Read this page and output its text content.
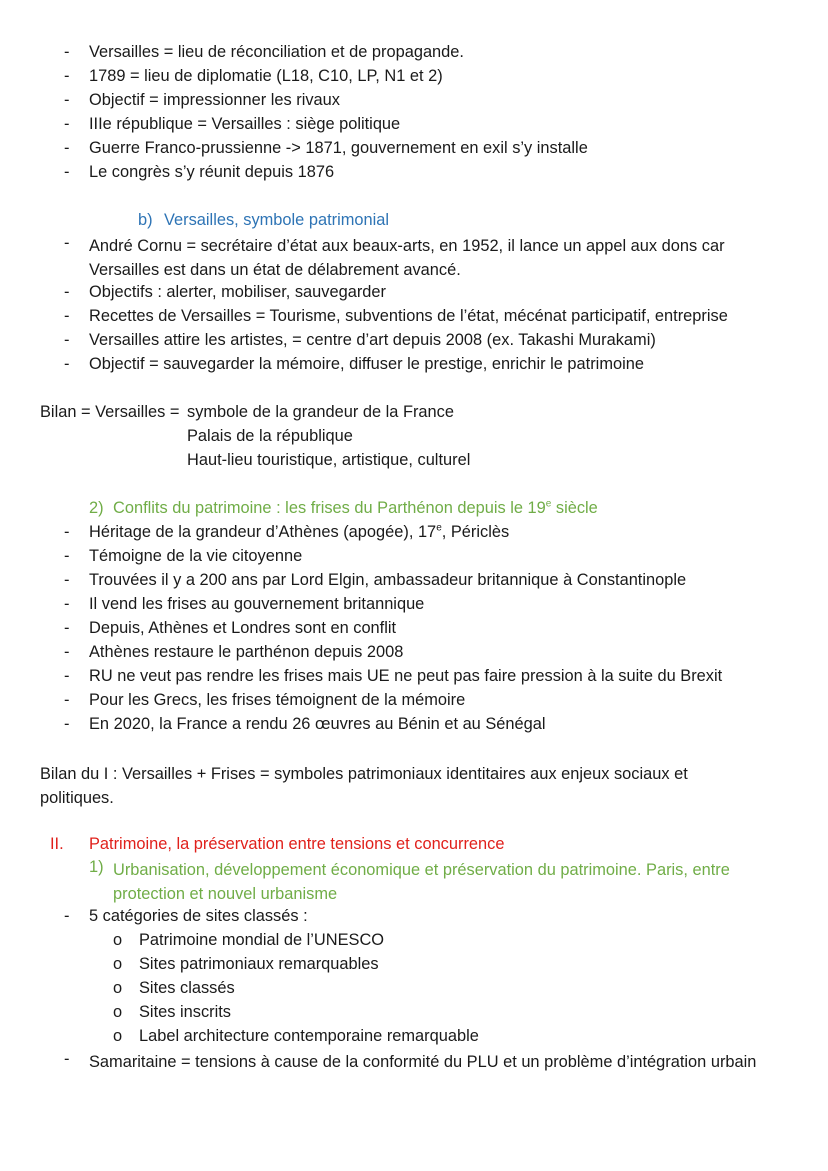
- Versailles = lieu de réconciliation et de propagande.
- 1789 = lieu de diplomatie (L18, C10, LP, N1 et 2)
- Objectif = impressionner les rivaux
- IIIe république = Versailles : siège politique
- Guerre Franco-prussienne -> 1871, gouvernement en exil s’y installe
- Le congrès s’y réunit depuis 1876
b) Versailles, symbole patrimonial
- André Cornu = secrétaire d’état aux beaux-arts, en 1952, il lance un appel aux dons car Versailles est dans un état de délabrement avancé.
- Objectifs : alerter, mobiliser, sauvegarder
- Recettes de Versailles = Tourisme, subventions de l’état, mécénat participatif, entreprise
- Versailles attire les artistes, = centre d’art depuis 2008 (ex. Takashi Murakami)
- Objectif = sauvegarder la mémoire, diffuser le prestige, enrichir le patrimoine
Bilan = Versailles = symbole de la grandeur de la France
Palais de la république
Haut-lieu touristique, artistique, culturel
2) Conflits du patrimoine : les frises du Parthénon depuis le 19e siècle
- Héritage de la grandeur d’Athènes (apogée), 17e, Périclès
- Témoigne de la vie citoyenne
- Trouvées il y a 200 ans par Lord Elgin, ambassadeur britannique à Constantinople
- Il vend les frises au gouvernement britannique
- Depuis, Athènes et Londres sont en conflit
- Athènes restaure le parthénon depuis 2008
- RU ne veut pas rendre les frises mais UE ne peut pas faire pression à la suite du Brexit
- Pour les Grecs, les frises témoignent de la mémoire
- En 2020, la France a rendu 26 œuvres au Bénin et au Sénégal
Bilan du I : Versailles + Frises = symboles patrimoniaux identitaires aux enjeux sociaux et politiques.
II. Patrimoine, la préservation entre tensions et concurrence
1) Urbanisation, développement économique et préservation du patrimoine. Paris, entre protection et nouvel urbanisme
- 5 catégories de sites classés :
o Patrimoine mondial de l’UNESCO
o Sites patrimoniaux remarquables
o Sites classés
o Sites inscrits
o Label architecture contemporaine remarquable
- Samaritaine = tensions à cause de la conformité du PLU et un problème d’intégration urbain
